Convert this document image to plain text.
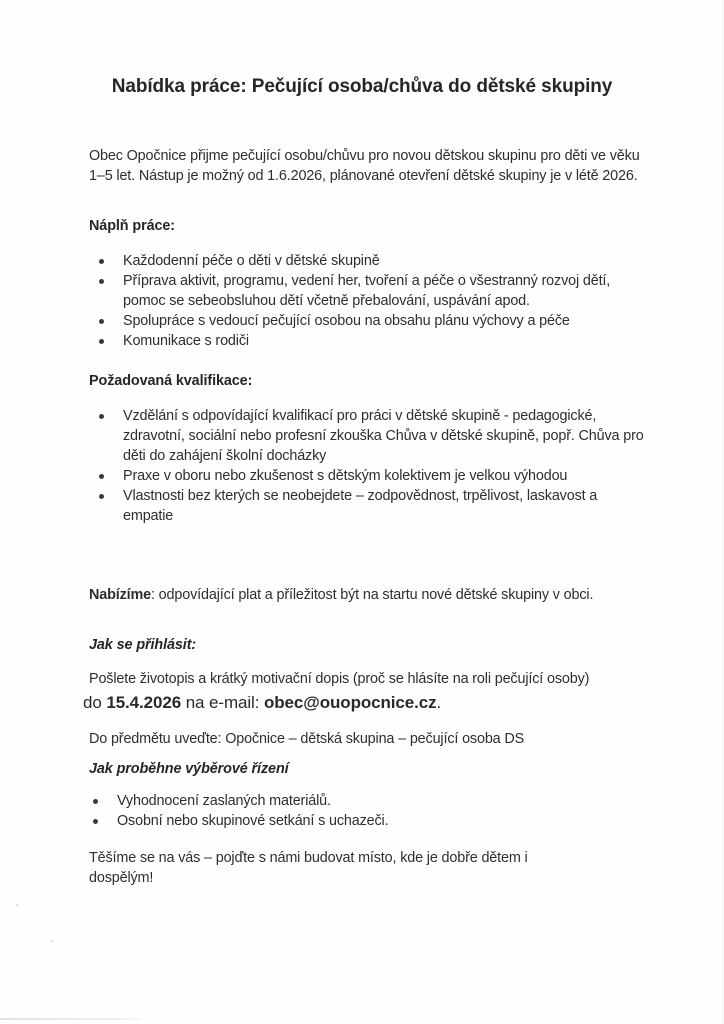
Nabídka práce: Pečující osoba/chůva do dětské skupiny
Obec Opočnice přijme pečující osobu/chůvu pro novou dětskou skupinu pro děti ve věku 1–5 let. Nástup je možný od 1.6.2026, plánované otevření dětské skupiny je v létě 2026.
Náplň práce:
Každodenní péče o děti v dětské skupině
Příprava aktivit, programu, vedení her, tvoření a péče o všestranný rozvoj dětí, pomoc se sebeobsluhou dětí včetně přebalování, uspávání apod.
Spolupráce s vedoucí pečující osobou na obsahu plánu výchovy a péče
Komunikace s rodiči
Požadovaná kvalifikace:
Vzdělání s odpovídající kvalifikací pro práci v dětské skupině - pedagogické, zdravotní, sociální nebo profesní zkouška Chůva v dětské skupině, popř. Chůva pro děti do zahájení školní docházky
Praxe v oboru nebo zkušenost s dětským kolektivem je velkou výhodou
Vlastnosti bez kterých se neobejdete – zodpovědnost, trpělivost, laskavost a empatie
Nabízíme: odpovídající plat a příležitost být na startu nové dětské skupiny v obci.
Jak se přihlásit:
Pošlete životopis a krátký motivační dopis (proč se hlásíte na roli pečující osoby)
do 15.4.2026 na e-mail: obec@ouopocnice.cz.
Do předmětu uveďte: Opočnice – dětská skupina – pečující osoba DS
Jak proběhne výběrové řízení
Vyhodnocení zaslaných materiálů.
Osobní nebo skupinové setkání s uchazeči.
Těšíme se na vás – pojďte s námi budovat místo, kde je dobře dětem i dospělým!
